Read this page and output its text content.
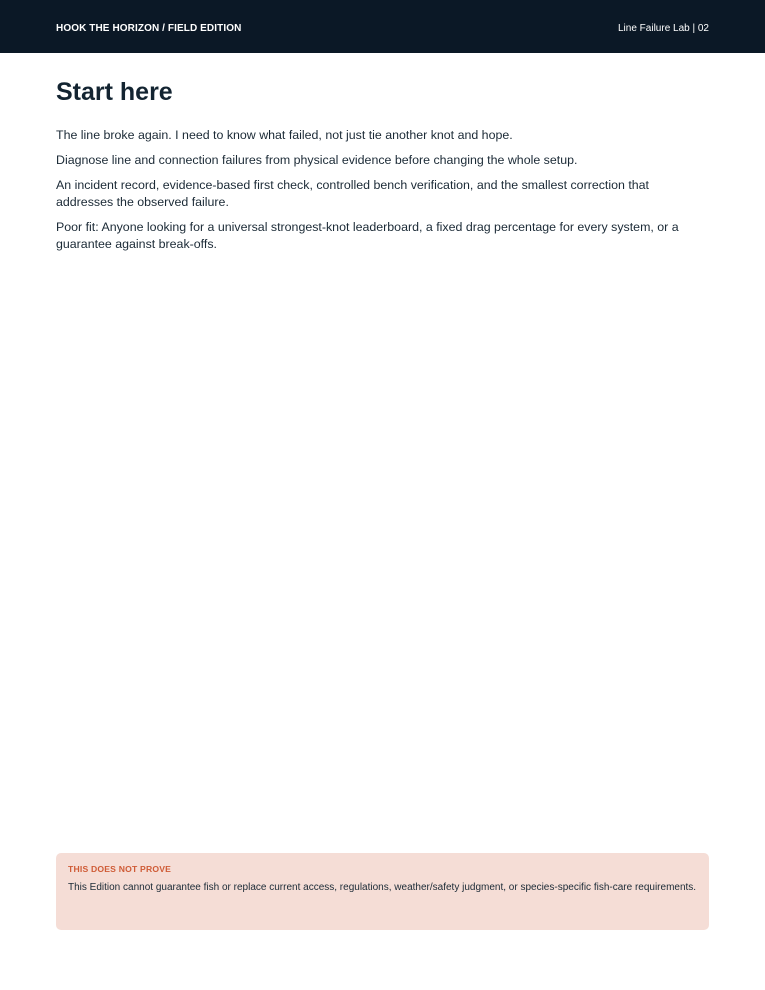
HOOK THE HORIZON / FIELD EDITION	Line Failure Lab | 02
Start here

The line broke again. I need to know what failed, not just tie another knot and hope.

Diagnose line and connection failures from physical evidence before changing the whole setup.

An incident record, evidence-based first check, controlled bench verification, and the smallest correction that addresses the observed failure.

Poor fit: Anyone looking for a universal strongest-knot leaderboard, a fixed drag percentage for every system, or a guarantee against break-offs.

THIS DOES NOT PROVE
This Edition cannot guarantee fish or replace current access, regulations, weather/safety judgment, or species-specific fish-care requirements.
